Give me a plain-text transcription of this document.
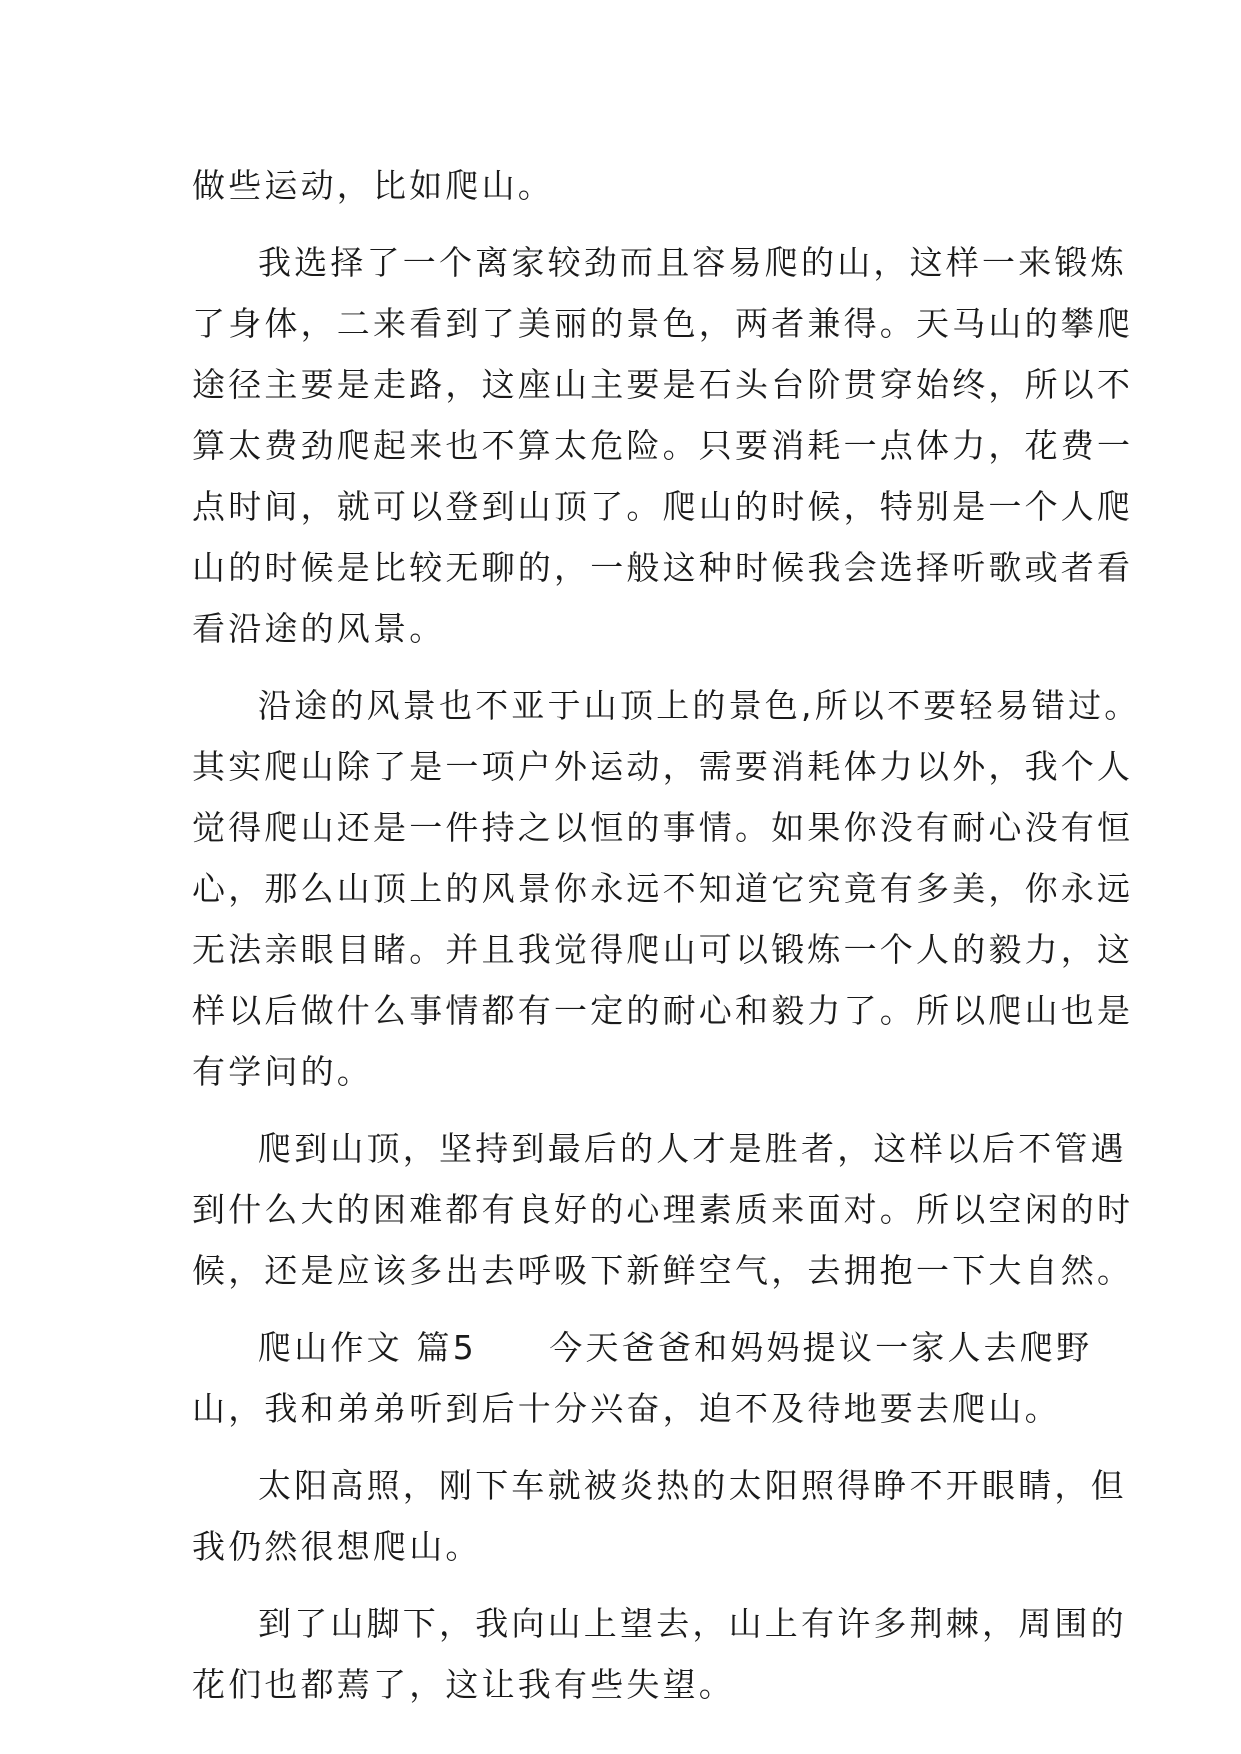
做些运动，比如爬山。
我选择了一个离家较劲而且容易爬的山，这样一来锻炼
了身体，二来看到了美丽的景色，两者兼得。天马山的攀爬
途径主要是走路，这座山主要是石头台阶贯穿始终，所以不
算太费劲爬起来也不算太危险。只要消耗一点体力，花费一
点时间，就可以登到山顶了。爬山的时候，特别是一个人爬
山的时候是比较无聊的，一般这种时候我会选择听歌或者看
看沿途的风景。
沿途的风景也不亚于山顶上的景色,所以不要轻易错过。
其实爬山除了是一项户外运动，需要消耗体力以外，我个人
觉得爬山还是一件持之以恒的事情。如果你没有耐心没有恒
心，那么山顶上的风景你永远不知道它究竟有多美，你永远
无法亲眼目睹。并且我觉得爬山可以锻炼一个人的毅力，这
样以后做什么事情都有一定的耐心和毅力了。所以爬山也是
有学问的。
爬到山顶，坚持到最后的人才是胜者，这样以后不管遇
到什么大的困难都有良好的心理素质来面对。所以空闲的时
候，还是应该多出去呼吸下新鲜空气，去拥抱一下大自然。
爬山作文 篇5　　今天爸爸和妈妈提议一家人去爬野
山，我和弟弟听到后十分兴奋，迫不及待地要去爬山。
太阳高照，刚下车就被炎热的太阳照得睁不开眼睛，但
我仍然很想爬山。
到了山脚下，我向山上望去，山上有许多荆棘，周围的
花们也都蔫了，这让我有些失望。
